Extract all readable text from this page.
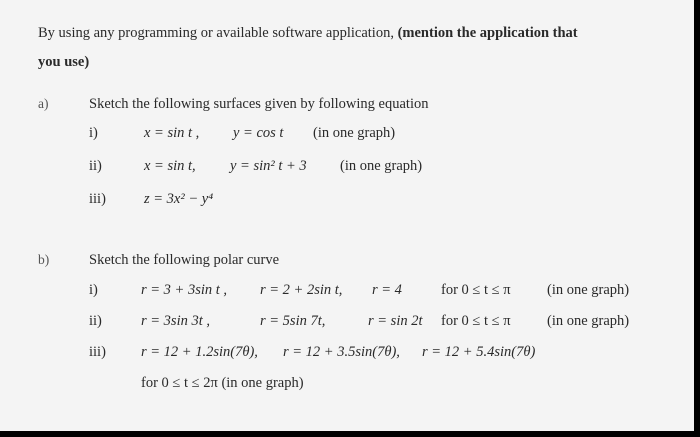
By using any programming or available software application, (mention the application that
you use)
a)	Sketch the following surfaces given by following equation
i)	x = sin t , y = cos t (in one graph)
ii)	x = sin t, y = sin² t + 3 (in one graph)
iii)	z = 3x² − y⁴
b)	Sketch the following polar curve
i)	r = 3 + 3sin t , r = 2 + 2sin t, r = 4	for 0 ≤ t ≤ π	(in one graph)
ii)	r = 3sin 3t ,	r = 5sin 7t,	r = sin 2t for 0 ≤ t ≤ π	(in one graph)
iii) r = 12 + 1.2sin(7θ), r = 12 + 3.5sin(7θ), r = 12 + 5.4sin(7θ)
for 0 ≤ t ≤ 2π (in one graph)
